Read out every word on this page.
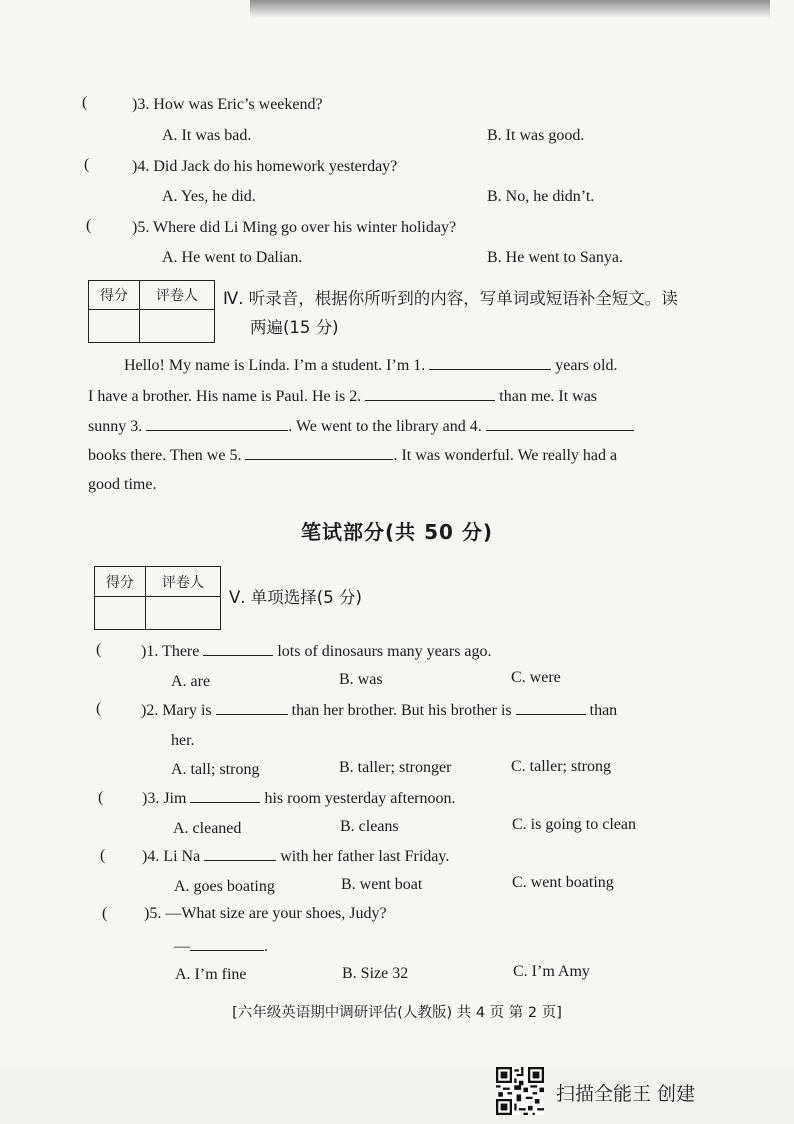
(	)3. How was Eric’s weekend?
A. It was bad.	B. It was good.
(	)4. Did Jack do his homework yesterday?
A. Yes, he did.	B. No, he didn’t.
(	)5. Where did Li Ming go over his winter holiday?
A. He went to Dalian.	B. He went to Sanya.
得分	评卷人
	Ⅳ. 听录音，根据你所听到的内容，写单词或短语补全短文。读
两遍(15 分)
Hello! My name is Linda. I’m a student. I’m 1.	years old.
I have a brother. His name is Paul. He is 2.	than me. It was
sunny 3.	. We went to the library and 4.
books there. Then we 5.	. It was wonderful. We really had a
good time.
笔试部分(共 50 分)
得分	评卷人

Ⅴ. 单项选择(5 分)
( )1. There	lots of dinosaurs many years ago.
A. are	B. was	C. were
( )2. Mary is	than her brother. But his brother is	than
her.
A. tall; strong	B. taller; stronger	C. taller; strong
( )3. Jim	his room yesterday afternoon.
A. cleaned	B. cleans	C. is going to clean
( )4. Li Na	with her father last Friday.
A. goes boating	B. went boat	C. went boating
( )5. —What size are your shoes, Judy?
—	.
A. I’m fine	B. Size 32	C. I’m Amy
[六年级英语期中调研评估(人教版) 共 4 页 第 2 页]
扫描全能王 创建
